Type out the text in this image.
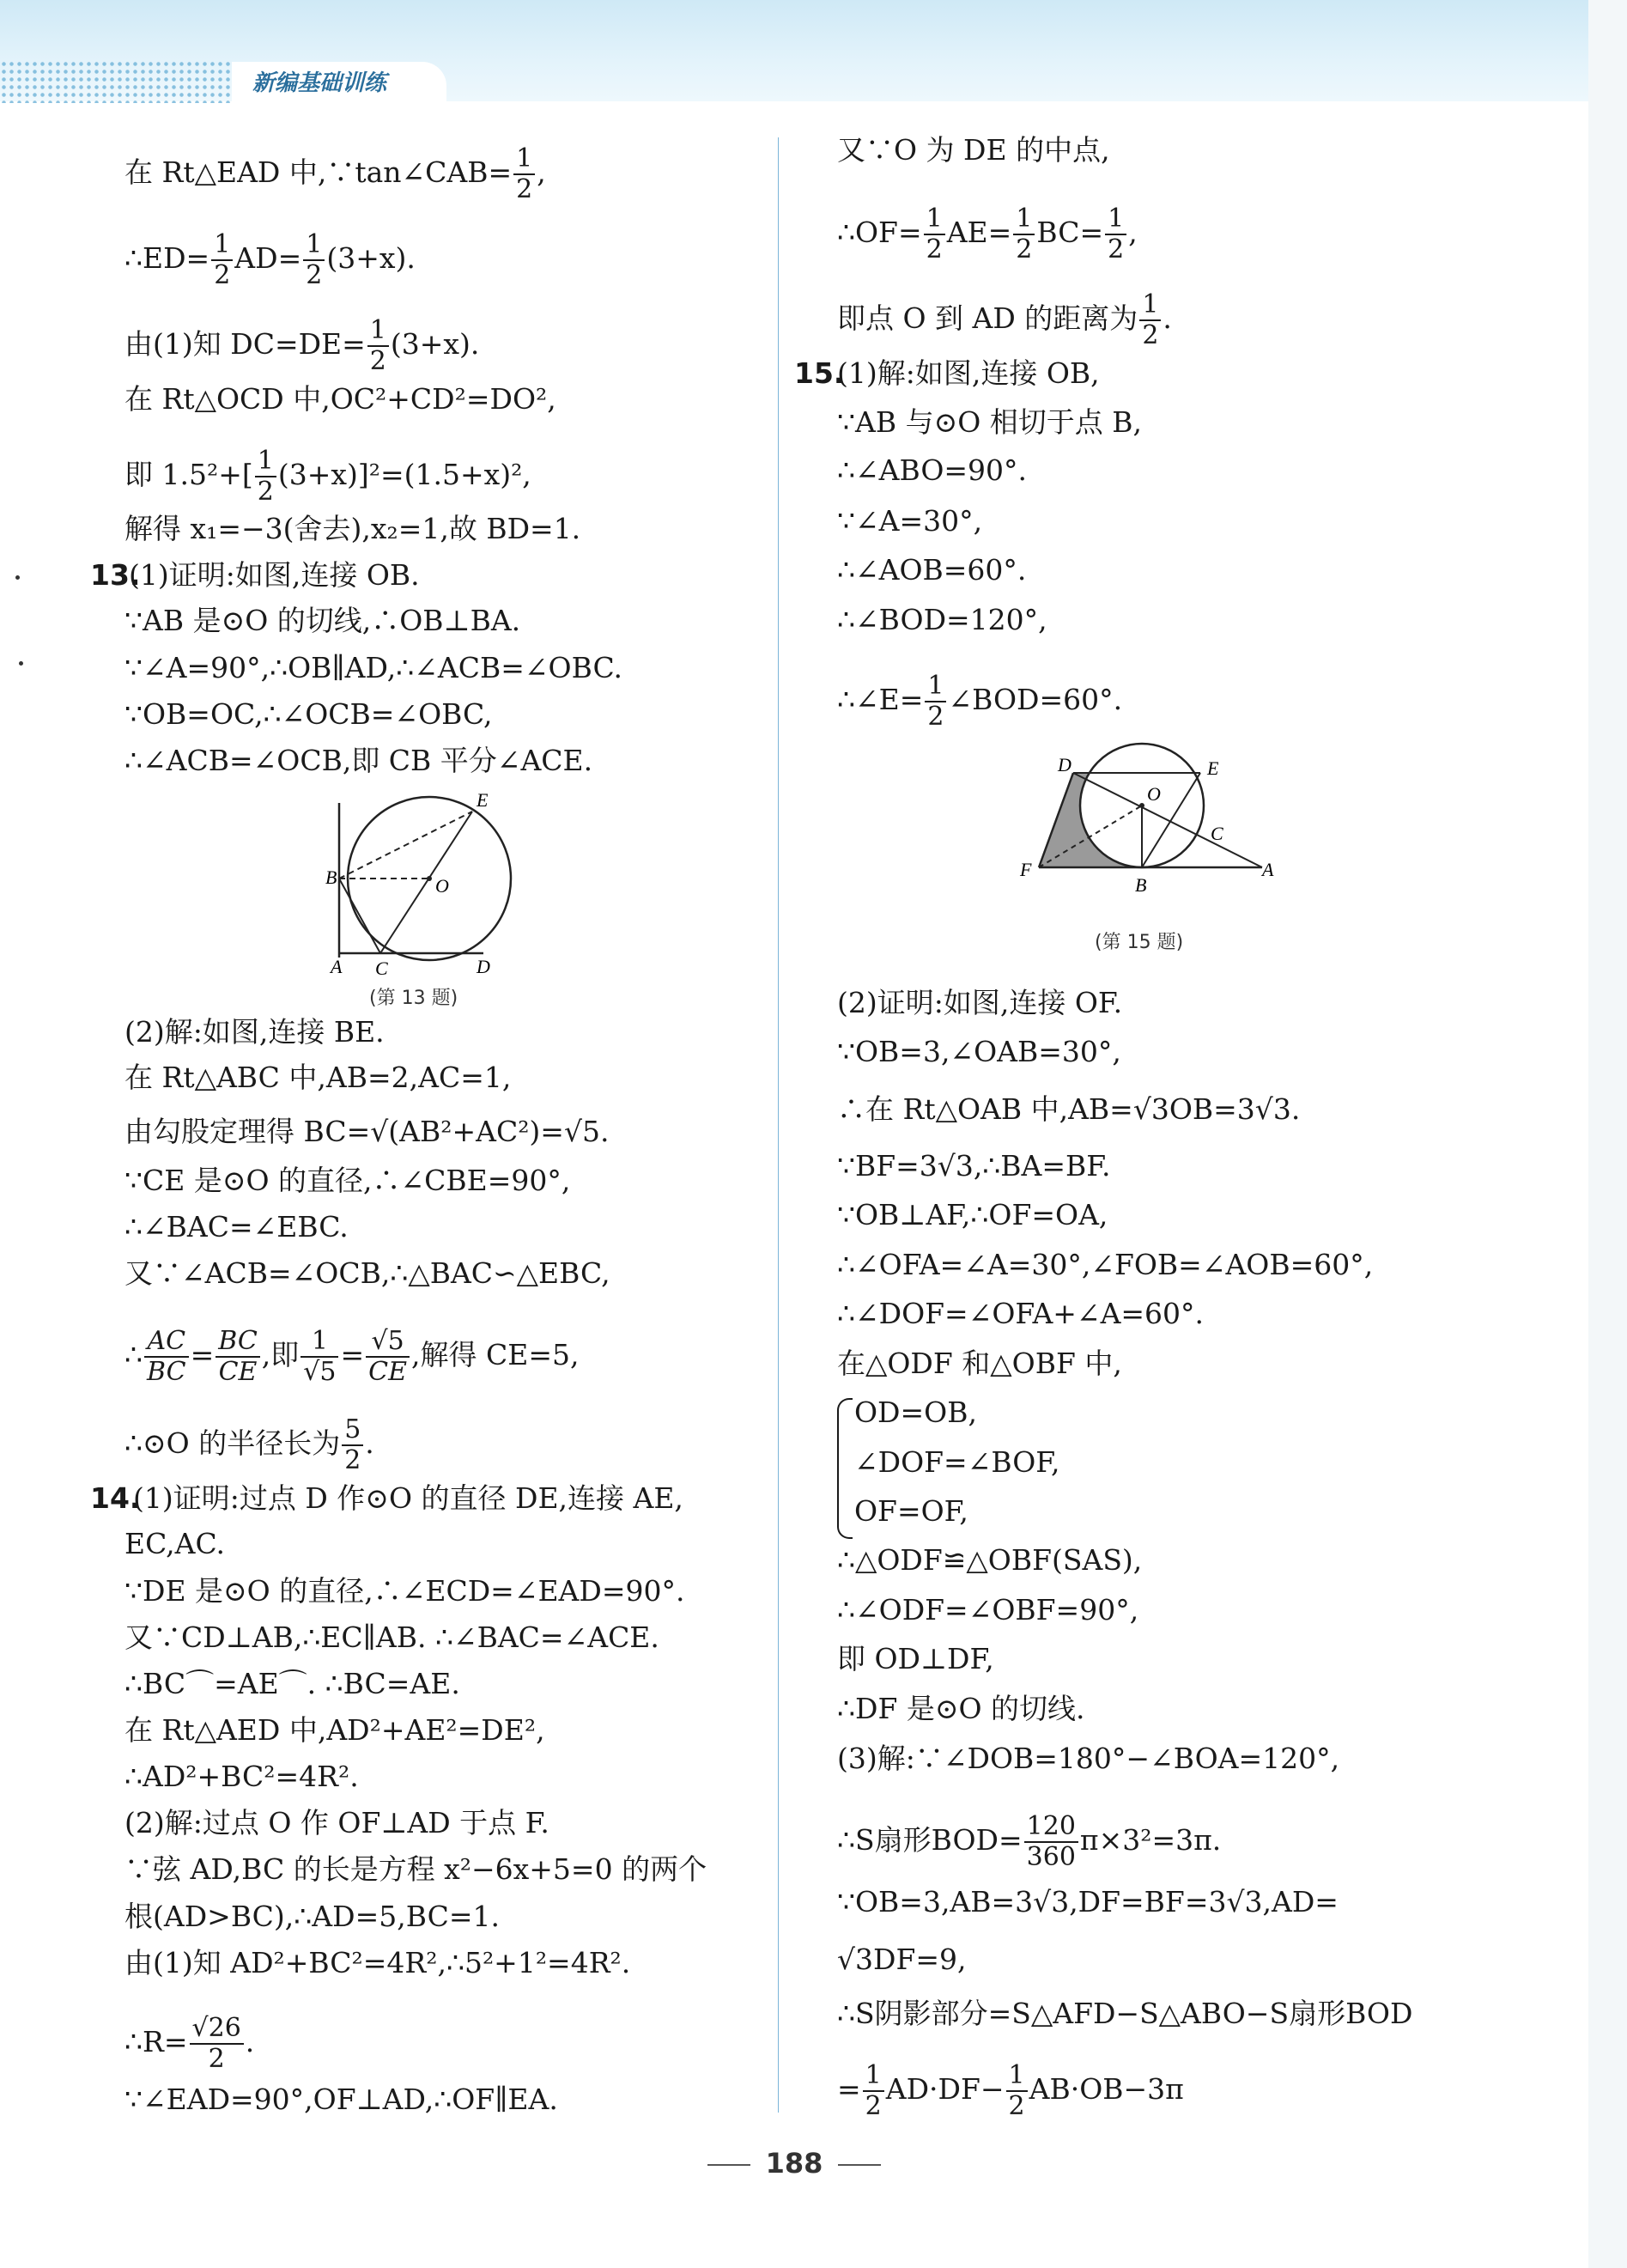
新编基础训练
在 Rt△EAD 中,∵tan∠CAB= $\frac{1}{2}$ ,
∴ED= $\frac{1}{2} AD= \frac{1}{2} (3+x)$.
由(1)知 $DC=DE= \frac{1}{2} (3+x)$.
在 Rt△OCD 中,OC²+CD²=DO²,
即 $1.5^2+[ \frac{1}{2} (3+x)]^2=(1.5+x)^2$,
解得 x₁=−3(舍去),x₂=1,故 BD=1.
13.
(1)证明:如图,连接 OB.
∵AB 是⊙O 的切线,∴OB⊥BA.
∵∠A=90°,∴OB∥AD,∴∠ACB=∠OBC.
∵OB=OC,∴∠OCB=∠OBC,
∴∠ACB=∠OCB,即 CB 平分∠ACE.
E
B	O
A C	D
(第 13 题)
(2)解:如图,连接 BE.
在 Rt△ABC 中,AB=2,AC=1,
由勾股定理得 BC=√(AB²+AC²)=√5.
∵CE 是⊙O 的直径,∴∠CBE=90°,
∴∠BAC=∠EBC.
又∵∠ACB=∠OCB,∴△BAC∽△EBC,
∴ $\frac{AC}{BC} = \frac{BC}{CE}$ ,即 $\frac{1}{√5} = \frac{√5}{CE}$ ,解得 CE=5,
∴⊙O 的半径长为 $\frac{5}{2}$ .
14.
(1)证明:过点 D 作⊙O 的直径 DE,连接 AE,
EC,AC.
∵DE 是⊙O 的直径,∴∠ECD=∠EAD=90°.
又∵CD⊥AB,∴EC∥AB. ∴∠BAC=∠ACE.
∴BC⌒=AE⌒. ∴BC=AE.
在 Rt△AED 中,AD²+AE²=DE²,
∴AD²+BC²=4R².
(2)解:过点 O 作 OF⊥AD 于点 F.
∵弦 AD,BC 的长是方程 x²−6x+5=0 的两个
根(AD>BC),∴AD=5,BC=1.
由(1)知 AD²+BC²=4R²,∴5²+1²=4R².
∴R= $\frac{√26}{2}$ .
∵∠EAD=90°,OF⊥AD,∴OF∥EA.
又∵O 为 DE 的中点,
∴OF= $\frac{1}{2} AE= \frac{1}{2} BC= \frac{1}{2}$ ,
即点 O 到 AD 的距离为 $\frac{1}{2}$ .
15.
(1)解:如图,连接 OB,
∵AB 与⊙O 相切于点 B,
∴∠ABO=90°.
∵∠A=30°,
∴∠AOB=60°.
∴∠BOD=120°,
∴∠E= $\frac{1}{2}$ ∠BOD=60°.
D	E
O
C
F
B
A
(第 15 题)
(2)证明:如图,连接 OF.
∵OB=3,∠OAB=30°,
∴在 Rt△OAB 中,AB=√3OB=3√3.
∵BF=3√3,∴BA=BF.
∵OB⊥AF,∴OF=OA,
∴∠OFA=∠A=30°,∠FOB=∠AOB=60°,
∴∠DOF=∠OFA+∠A=60°.
在△ODF 和△OBF 中,
OD=OB,
∠DOF=∠BOF,
OF=OF,
∴△ODF≌△OBF(SAS),
∴∠ODF=∠OBF=90°,
即 OD⊥DF,
∴DF 是⊙O 的切线.
(3)解:∵∠DOB=180°−∠BOA=120°,
∴S扇形$BOD= \frac{120}{360} \pi\times 3^2=3\pi$.
∵OB=3,AB=3√3,DF=BF=3√3,AD=
√3DF=9,
∴S阴影部分=S△AFD−S△ABO−S扇形BOD
= $\frac{1}{2} AD\cdot DF- \frac{1}{2} AB\cdot OB-3\pi$
188
